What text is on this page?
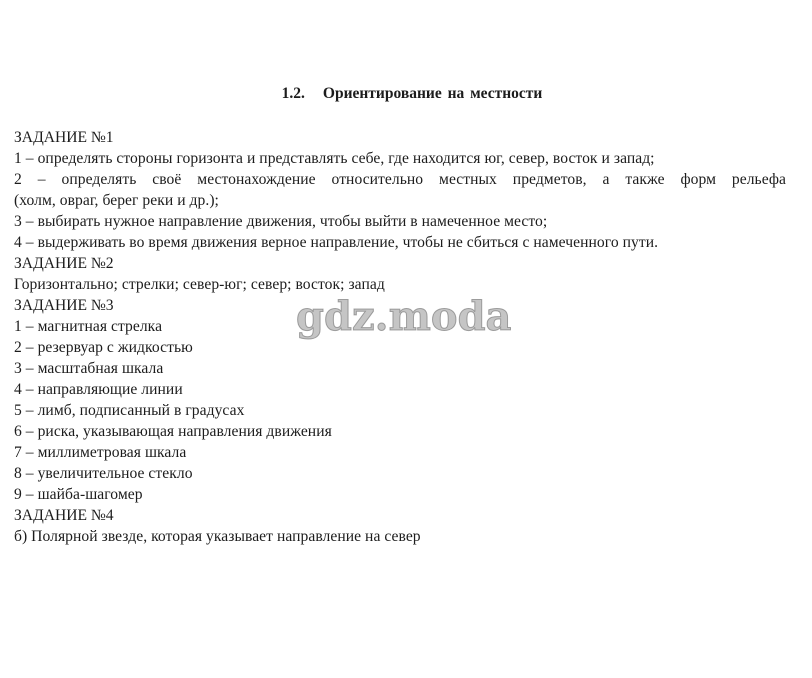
1.2. Ориентирование на местности
ЗАДАНИЕ №1
1 – определять стороны горизонта и представлять себе, где находится юг, север, восток и запад;
2 – определять своё местонахождение относительно местных предметов, а также форм рельефа
(холм, овраг, берег реки и др.);
3 – выбирать нужное направление движения, чтобы выйти в намеченное место;
4 – выдерживать во время движения верное направление, чтобы не сбиться с намеченного пути.
ЗАДАНИЕ №2
Горизонтально; стрелки; север-юг; север; восток; запад
ЗАДАНИЕ №3
1 – магнитная стрелка
2 – резервуар с жидкостью
3 – масштабная шкала
4 – направляющие линии
5 – лимб, подписанный в градусах
6 – риска, указывающая направления движения
7 – миллиметровая шкала
8 – увеличительное стекло
9 – шайба-шагомер
ЗАДАНИЕ №4
б) Полярной звезде, которая указывает направление на север
gdz.moda
